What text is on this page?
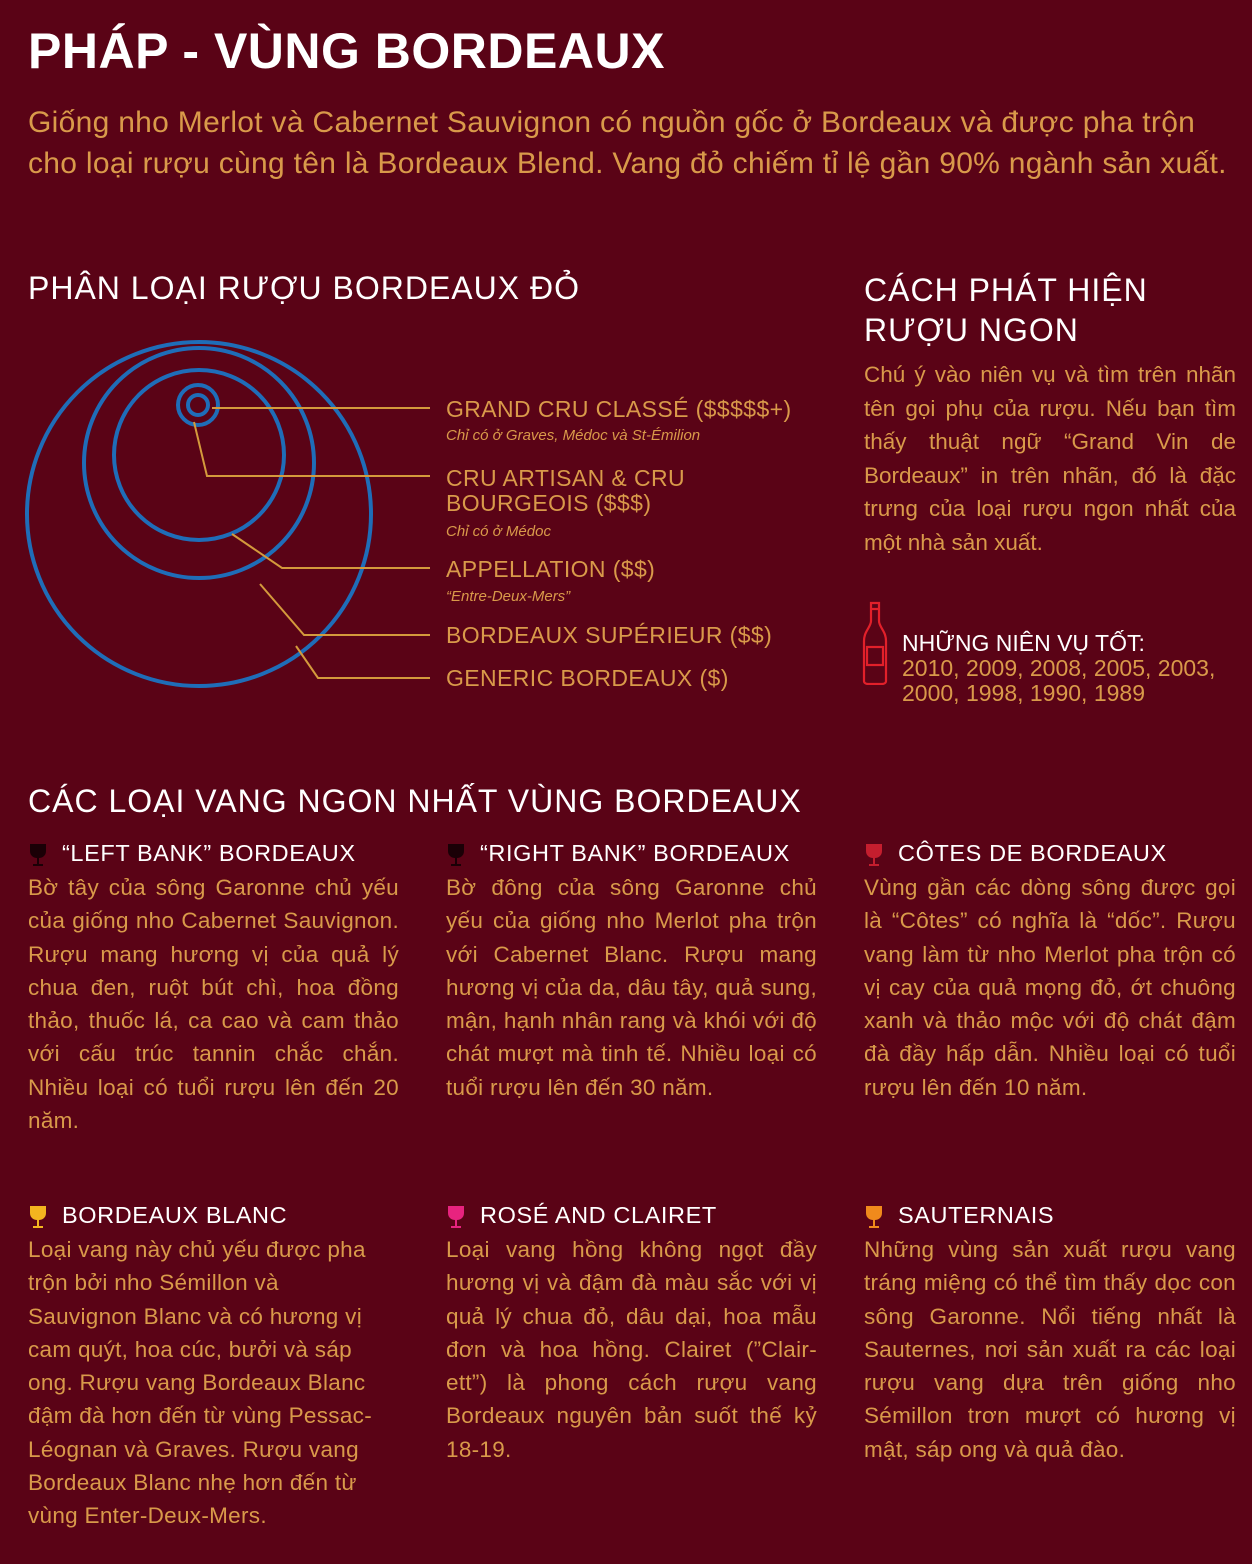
PHÁP - VÙNG BORDEAUX

Giống nho Merlot và Cabernet Sauvignon có nguồn gốc ở Bordeaux và được pha trộn cho loại rượu cùng tên là Bordeaux Blend. Vang đỏ chiếm tỉ lệ gần 90% ngành sản xuất.

PHÂN LOẠI RƯỢU BORDEAUX ĐỎ

GRAND CRU CLASSÉ ($$$$$+)

Chỉ có ở Graves, Médoc và St-Émilion

CRU ARTISAN & CRU BOURGEOIS ($$$)

Chỉ có ở Médoc

APPELLATION ($$)

“Entre-Deux-Mers”

BORDEAUX SUPÉRIEUR ($$)

GENERIC BORDEAUX ($)

CÁCH PHÁT HIỆN RƯỢU NGON

Chú ý vào niên vụ và tìm trên nhãn tên gọi phụ của rượu. Nếu bạn tìm thấy thuật ngữ “Grand Vin de Bordeaux” in trên nhãn, đó là đặc trưng của loại rượu ngon nhất của một nhà sản xuất.

NHỮNG NIÊN VỤ TỐT:

2010, 2009, 2008, 2005, 2003, 2000, 1998, 1990, 1989

CÁC LOẠI VANG NGON NHẤT VÙNG BORDEAUX

“LEFT BANK” BORDEAUX

Bờ tây của sông Garonne chủ yếu của giống nho Cabernet Sauvignon. Rượu mang hương vị của quả lý chua đen, ruột bút chì, hoa đồng thảo, thuốc lá, ca cao và cam thảo với cấu trúc tannin chắc chắn. Nhiều loại có tuổi rượu lên đến 20 năm.

“RIGHT BANK” BORDEAUX

Bờ đông của sông Garonne chủ yếu của giống nho Merlot pha trộn với Cabernet Blanc. Rượu mang hương vị của da, dâu tây, quả sung, mận, hạnh nhân rang và khói với độ chát mượt mà tinh tế. Nhiều loại có tuổi rượu lên đến 30 năm.

CÔTES DE BORDEAUX

Vùng gần các dòng sông được gọi là “Côtes” có nghĩa là “dốc”. Rượu vang làm từ nho Merlot pha trộn có vị cay của quả mọng đỏ, ớt chuông xanh và thảo mộc với độ chát đậm đà đầy hấp dẫn. Nhiều loại có tuổi rượu lên đến 10 năm.

BORDEAUX BLANC

Loại vang này chủ yếu được pha trộn bởi nho Sémillon và Sauvignon Blanc và có hương vị cam quýt, hoa cúc, bưởi và sáp ong. Rượu vang Bordeaux Blanc đậm đà hơn đến từ vùng Pessac-Léognan và Graves. Rượu vang Bordeaux Blanc nhẹ hơn đến từ vùng Enter-Deux-Mers.

ROSÉ AND CLAIRET

Loại vang hồng không ngọt đầy hương vị và đậm đà màu sắc với vị quả lý chua đỏ, dâu dại, hoa mẫu đơn và hoa hồng. Clairet (”Clair-ett”) là phong cách rượu vang Bordeaux nguyên bản suốt thế kỷ 18-19.

SAUTERNAIS

Những vùng sản xuất rượu vang tráng miệng có thể tìm thấy dọc con sông Garonne. Nổi tiếng nhất là Sauternes, nơi sản xuất ra các loại rượu vang dựa trên giống nho Sémillon trơn mượt có hương vị mật, sáp ong và quả đào.
